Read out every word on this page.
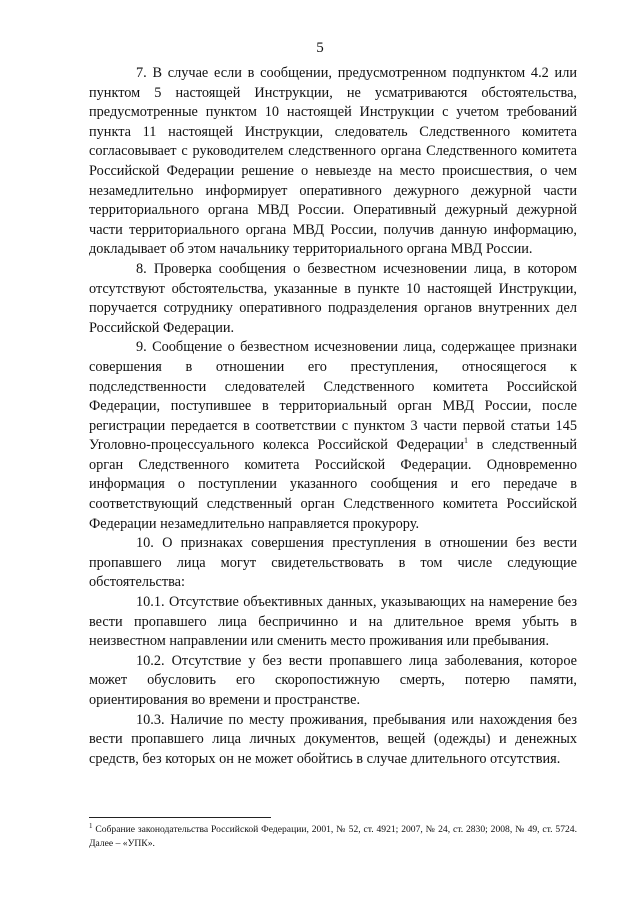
5

7. В случае если в сообщении, предусмотренном подпунктом 4.2 или пунктом 5 настоящей Инструкции, не усматриваются обстоятельства, предусмотренные пунктом 10 настоящей Инструкции с учетом требований пункта 11 настоящей Инструкции, следователь Следственного комитета согласовывает с руководителем следственного органа Следственного комитета Российской Федерации решение о невыезде на место происшествия, о чем незамедлительно информирует оперативного дежурного дежурной части территориального органа МВД России. Оперативный дежурный дежурной части территориального органа МВД России, получив данную информацию, докладывает об этом начальнику территориального органа МВД России.

8. Проверка сообщения о безвестном исчезновении лица, в котором отсутствуют обстоятельства, указанные в пункте 10 настоящей Инструкции, поручается сотруднику оперативного подразделения органов внутренних дел Российской Федерации.

9. Сообщение о безвестном исчезновении лица, содержащее признаки совершения в отношении его преступления, относящегося к подследственности следователей Следственного комитета Российской Федерации, поступившее в территориальный орган МВД России, после регистрации передается в соответствии с пунктом 3 части первой статьи 145 Уголовно-процессуального колекса Российской Федерации$^1$ в следственный орган Следственного комитета Российской Федерации. Одновременно информация о поступлении указанного сообщения и его передаче в соответствующий следственный орган Следственного комитета Российской Федерации незамедлительно направляется прокурору.

10. О признаках совершения преступления в отношении без вести пропавшего лица могут свидетельствовать в том числе следующие обстоятельства:

10.1. Отсутствие объективных данных, указывающих на намерение без вести пропавшего лица беспричинно и на длительное время убыть в неизвестном направлении или сменить место проживания или пребывания.

10.2. Отсутствие у без вести пропавшего лица заболевания, которое может обусловить его скоропостижную смерть, потерю памяти, ориентирования во времени и пространстве.

10.3. Наличие по месту проживания, пребывания или нахождения без вести пропавшего лица личных документов, вещей (одежды) и денежных средств, без которых он не может обойтись в случае длительного отсутствия.

$^1$ Собрание законодательства Российской Федерации, 2001, № 52, ст. 4921; 2007, № 24, ст. 2830; 2008, № 49, ст. 5724. Далее – «УПК».
